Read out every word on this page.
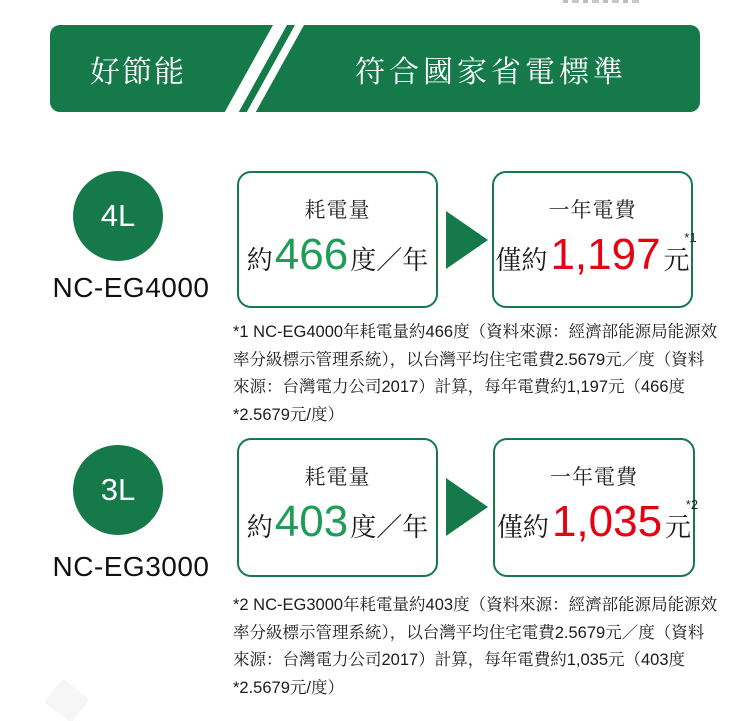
好節能	符合國家省電標準
4L
NC-EG4000
耗電量
約 466 度／年
一年電費
僅約 1,197 *1
元
*1 NC-EG4000年耗電量約466度（資料來源：經濟部能源局能源效
率分級標示管理系統），以台灣平均住宅電費2.5679元／度（資料
來源：台灣電力公司2017）計算，每年電費約1,197元（466度
*2.5679元/度）
3L
NC-EG3000
耗電量
約 403 度／年
一年電費
僅約 1,035 *2
元
*2 NC-EG3000年耗電量約403度（資料來源：經濟部能源局能源效
率分級標示管理系統），以台灣平均住宅電費2.5679元／度（資料
來源：台灣電力公司2017）計算，每年電費約1,035元（403度
*2.5679元/度）
